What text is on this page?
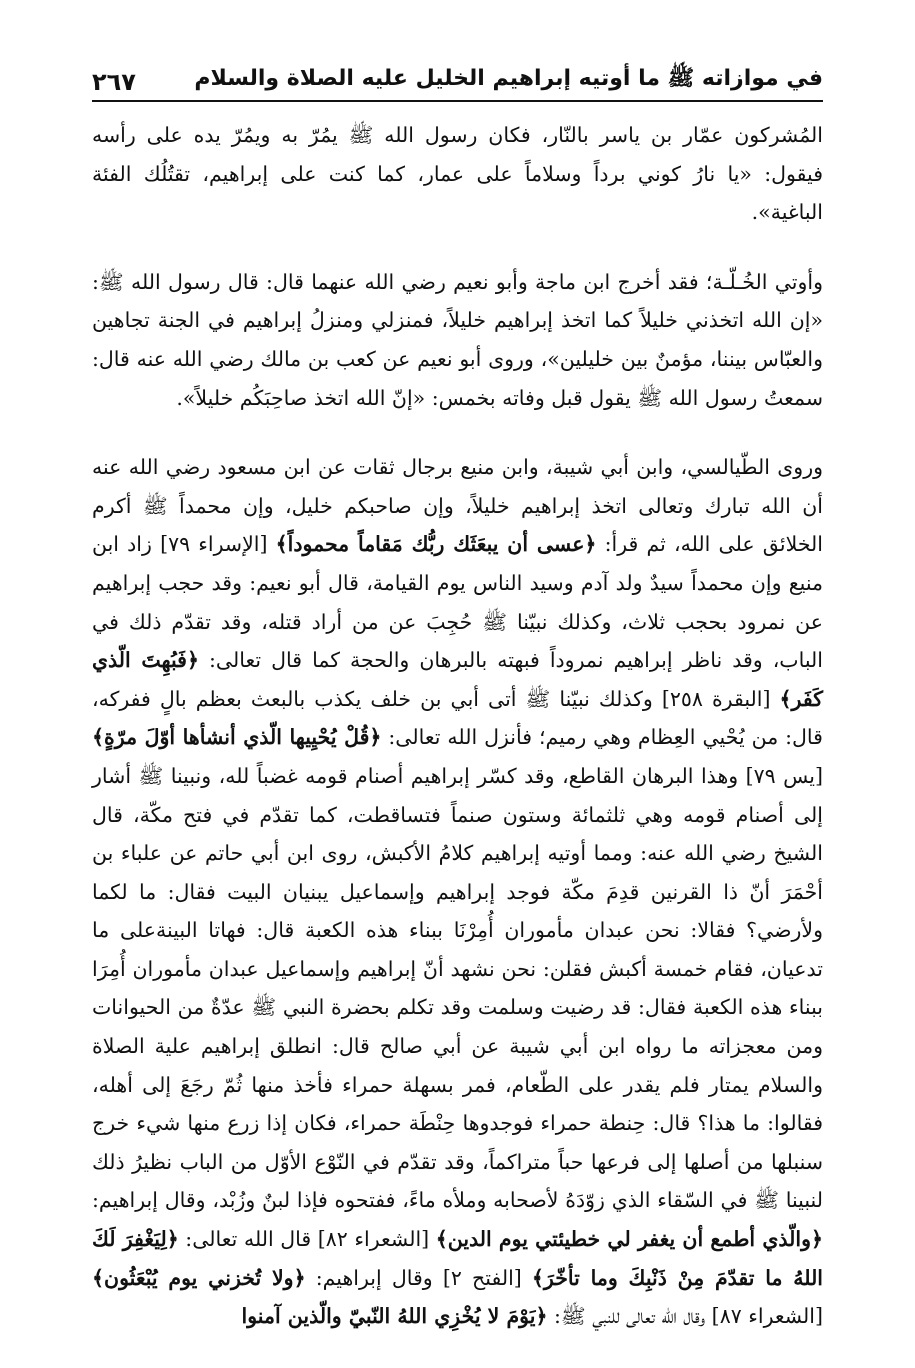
في موازاته ﷺ ما أوتيه إبراهيم الخليل عليه الصلاة والسلام
٢٦٧

المُشركون عمّار بن ياسر بالنّار، فكان رسول الله ﷺ يمُرّ به ويمُرّ يده على رأسه فيقول: «يا نارُ كوني برداً وسلاماً على عمار، كما كنت على إبراهيم، تقتُلُك الفئة الباغية».

وأوتي الخُـلّـة؛ فقد أخرج ابن ماجة وأبو نعيم رضي الله عنهما قال: قال رسول الله ﷺ: «إن الله اتخذني خليلاً كما اتخذ إبراهيم خليلاً، فمنزلي ومنزلُ إبراهيم في الجنة تجاهين والعبّاس بيننا، مؤمنٌ بين خليلين»، وروى أبو نعيم عن كعب بن مالك رضي الله عنه قال: سمعتُ رسول الله ﷺ يقول قبل وفاته بخمس: «إنّ الله اتخذ صاحِبَكُم خليلاً».

وروى الطّيالسي، وابن أبي شيبة، وابن منيع برجال ثقات عن ابن مسعود رضي الله عنه أن الله تبارك وتعالى اتخذ إبراهيم خليلاً، وإن صاحبكم خليل، وإن محمداً ﷺ أكرم الخلائق على الله، ثم قرأ: ﴿عسى أن يبعَثَك ربُّك مَقاماً محموداً﴾ [الإسراء ٧٩] زاد ابن منيع وإن محمداً سيدٌ ولد آدم وسيد الناس يوم القيامة، قال أبو نعيم: وقد حجب إبراهيم عن نمرود بحجب ثلاث، وكذلك نبيّنا ﷺ حُجِبَ عن من أراد قتله، وقد تقدّم ذلك في الباب، وقد ناظر إبراهيم نمروداً فبهته بالبرهان والحجة كما قال تعالى: ﴿فَبُهِتَ الّذي كَفَر﴾ [البقرة ٢٥٨] وكذلك نبيّنا ﷺ أتى أبي بن خلف يكذب بالبعث بعظم بالٍ ففركه، قال: من يُحْيي العِظام وهي رميم؛ فأنزل الله تعالى: ﴿قُلْ يُحْيِيها الّذي أنشأها أوّلَ مرّةٍ﴾ [يس ٧٩] وهذا البرهان القاطع، وقد كسّر إبراهيم أصنام قومه غضباً لله، ونبينا ﷺ أشار إلى أصنام قومه وهي ثلثمائة وستون صنماً فتساقطت، كما تقدّم في فتح مكّة، قال الشيخ رضي الله عنه: ومما أوتيه إبراهيم كلامُ الأكبش، روى ابن أبي حاتم عن علباء بن أحْمَرَ أنّ ذا القرنين قدِمَ مكّة فوجد إبراهيم وإسماعيل يبنيان البيت فقال: ما لكما ولأرضي؟ فقالا: نحن عبدان مأموران أُمِرْنَا ببناء هذه الكعبة قال: فهاتا البينةعلى ما تدعيان، فقام خمسة أكبش فقلن: نحن نشهد أنّ إبراهيم وإسماعيل عبدان مأموران أُمِرَا ببناء هذه الكعبة فقال: قد رضيت وسلمت وقد تكلم بحضرة النبي ﷺ عدّةٌ من الحيوانات ومن معجزاته ما رواه ابن أبي شيبة عن أبي صالح قال: انطلق إبراهيم علية الصلاة والسلام يمتار فلم يقدر على الطّعام، فمر بسهلة حمراء فأخذ منها ثُمّ رجَعَ إلى أهله، فقالوا: ما هذا؟ قال: حِنطة حمراء فوجدوها حِنْطَة حمراء، فكان إذا زرع منها شيء خرج سنبلها من أصلها إلى فرعها حباً متراكماً، وقد تقدّم في النّوْع الأوّل من الباب نظيرُ ذلك لنبينا ﷺ في السّقاء الذي زوّدَهُ لأصحابه وملأه ماءً، ففتحوه فإذا لبنٌ وزُبْد، وقال إبراهيم: ﴿والّذي أطمع أن يغفر لي خطيئتي يوم الدين﴾ [الشعراء ٨٢] قال الله تعالى: ﴿لِيَغْفِرَ لَكَ اللهُ ما تقدّمَ مِنْ ذَنْبِكَ وما تأخّرَ﴾ [الفتح ٢] وقال إبراهيم: ﴿ولا تُخزني يوم يُبْعَثُون﴾ [الشعراء ٨٧] وقال الله تعالى للنبي ﷺ: ﴿يَوْمَ لا يُخْزِي اللهُ النّبيّ والّذين آمنوا
